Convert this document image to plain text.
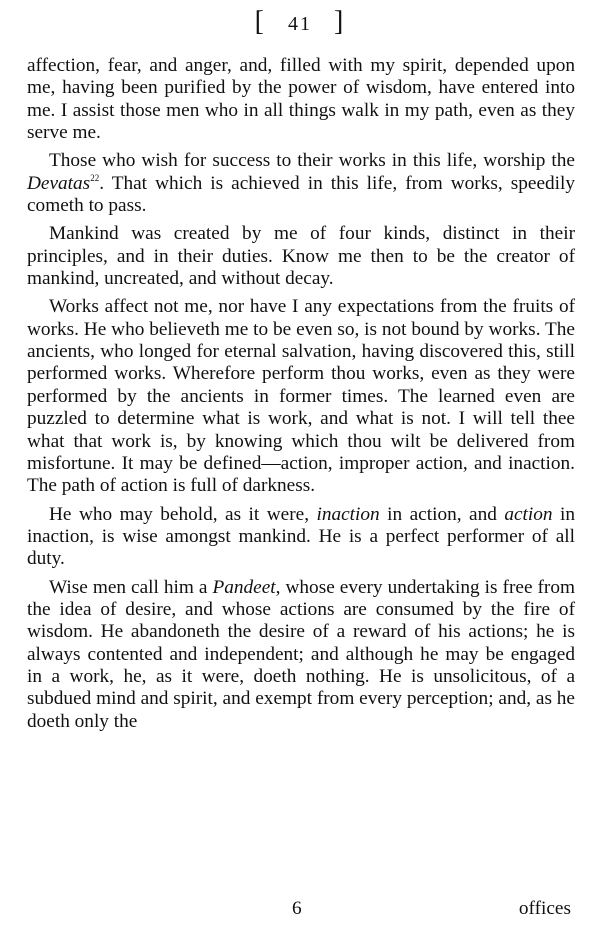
[ 41 ]

affection, fear, and anger, and, filled with my spirit, depended upon me, having been purified by the power of wisdom, have entered into me. I assist those men who in all things walk in my path, even as they serve me.

Those who wish for success to their works in this life, worship the Devatas$^{22}$. That which is achieved in this life, from works, speedily cometh to pass.

Mankind was created by me of four kinds, distinct in their principles, and in their duties. Know me then to be the creator of mankind, uncreated, and without decay.

Works affect not me, nor have I any expectations from the fruits of works. He who believeth me to be even so, is not bound by works. The ancients, who longed for eternal salvation, having discovered this, still performed works. Wherefore perform thou works, even as they were performed by the ancients in former times. The learned even are puzzled to determine what is work, and what is not. I will tell thee what that work is, by knowing which thou wilt be delivered from misfortune. It may be defined—action, improper action, and inaction. The path of action is full of darkness.

He who may behold, as it were, inaction in action, and action in inaction, is wise amongst mankind. He is a perfect performer of all duty.

Wise men call him a Pandeet, whose every undertaking is free from the idea of desire, and whose actions are consumed by the fire of wisdom. He abandoneth the desire of a reward of his actions; he is always contented and independent; and although he may be engaged in a work, he, as it were, doeth nothing. He is unsolicitous, of a subdued mind and spirit, and exempt from every perception; and, as he doeth only the

6	offices
